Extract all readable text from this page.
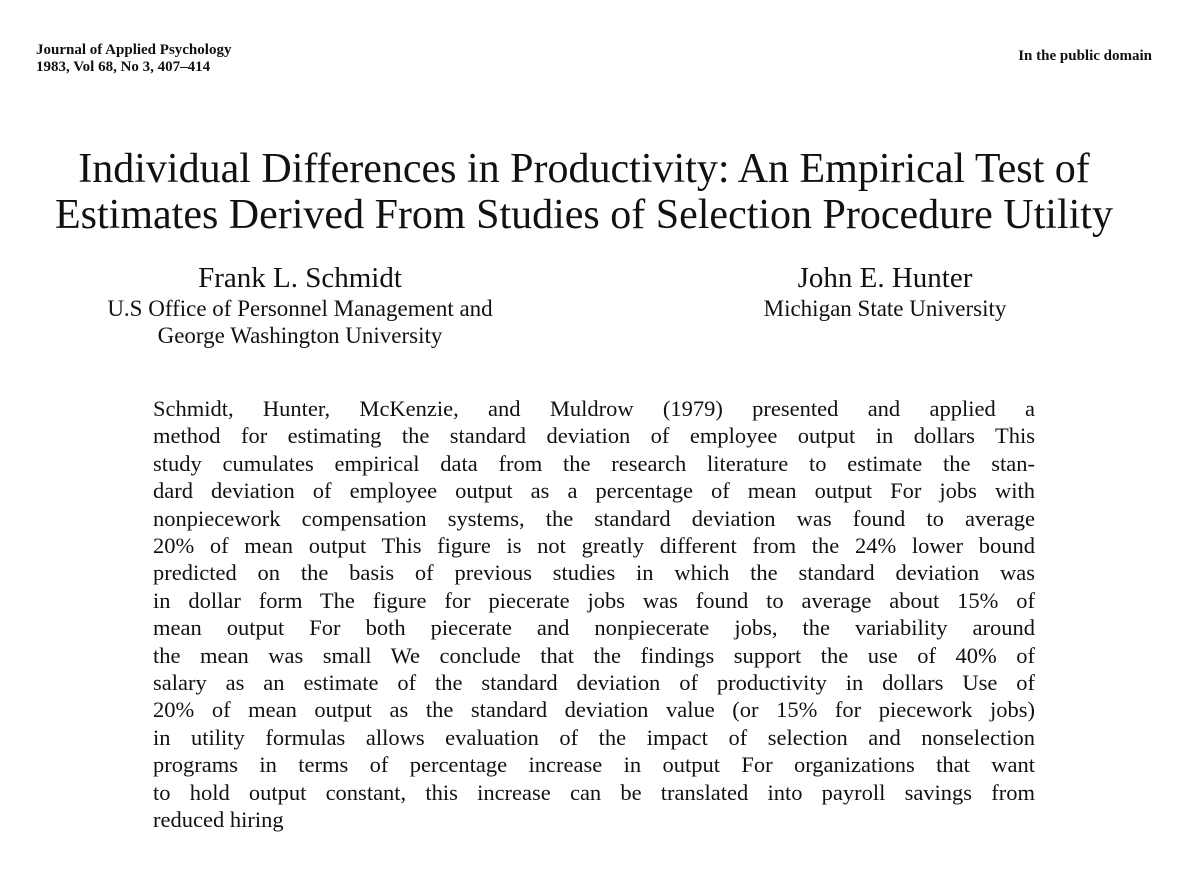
Journal of Applied Psychology
1983, Vol 68, No 3, 407–414
In the public domain
Individual Differences in Productivity: An Empirical Test of
Estimates Derived From Studies of Selection Procedure Utility
Frank L. Schmidt
U.S Office of Personnel Management and
George Washington University
John E. Hunter
Michigan State University
Schmidt, Hunter, McKenzie, and Muldrow (1979) presented and applied a
method for estimating the standard deviation of employee output in dollars This
study cumulates empirical data from the research literature to estimate the stan-
dard deviation of employee output as a percentage of mean output For jobs with
nonpiecework compensation systems, the standard deviation was found to average
20% of mean output This figure is not greatly different from the 24% lower bound
predicted on the basis of previous studies in which the standard deviation was
in dollar form The figure for piecerate jobs was found to average about 15% of
mean output For both piecerate and nonpiecerate jobs, the variability around
the mean was small We conclude that the findings support the use of 40% of
salary as an estimate of the standard deviation of productivity in dollars Use of
20% of mean output as the standard deviation value (or 15% for piecework jobs)
in utility formulas allows evaluation of the impact of selection and nonselection
programs in terms of percentage increase in output For organizations that want
to hold output constant, this increase can be translated into payroll savings from
reduced hiring
